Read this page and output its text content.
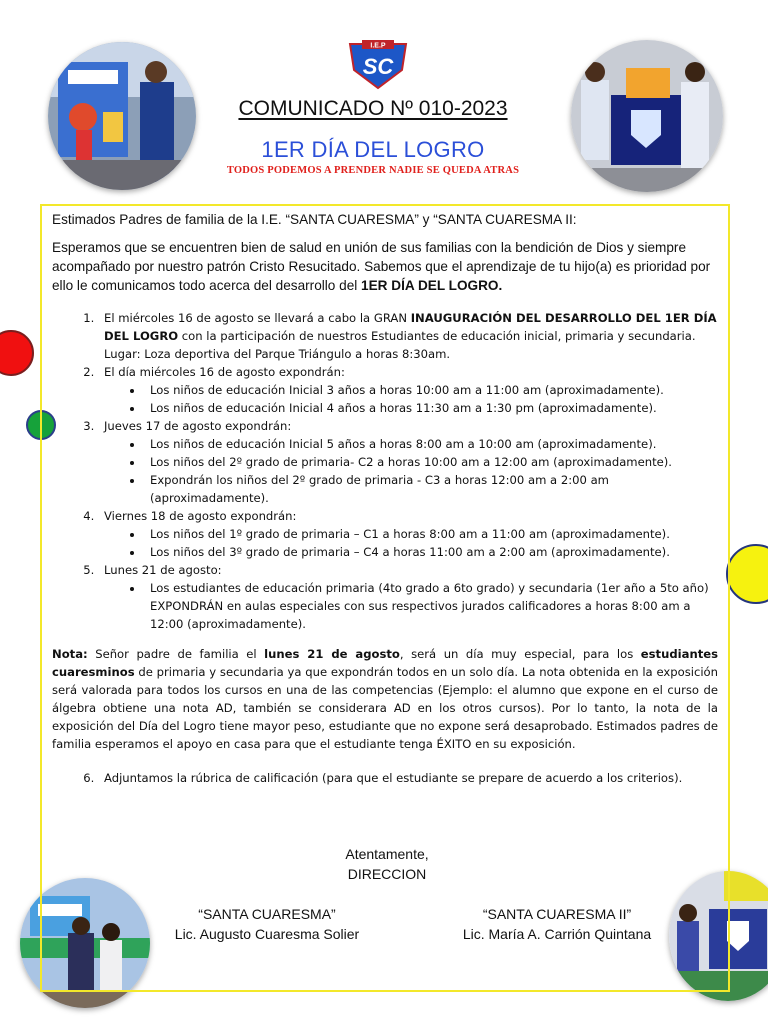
I.E.P
SC
COMUNICADO Nº 010-2023
1ER DÍA DEL LOGRO
TODOS PODEMOS A PRENDER NADIE SE QUEDA ATRAS

Estimados Padres de familia de la I.E. “SANTA CUARESMA” y “SANTA CUARESMA II:

Esperamos que se encuentren bien de salud en unión de sus familias con la bendición de Dios y siempre acompañado por nuestro patrón Cristo Resucitado. Sabemos que el aprendizaje de tu hijo(a) es prioridad por ello le comunicamos todo acerca del desarrollo del 1ER DÍA DEL LOGRO.

1. El miércoles 16 de agosto se llevará a cabo la GRAN INAUGURACIÓN DEL DESARROLLO DEL 1ER DÍA DEL LOGRO con la participación de nuestros Estudiantes de educación inicial, primaria y secundaria. Lugar: Loza deportiva del Parque Triángulo a horas 8:30am.
2. El día miércoles 16 de agosto expondrán:
• Los niños de educación Inicial 3 años a horas 10:00 am a 11:00 am (aproximadamente).
• Los niños de educación Inicial 4 años a horas 11:30 am a 1:30 pm (aproximadamente).
3. Jueves 17 de agosto expondrán:
• Los niños de educación Inicial 5 años a horas 8:00 am a 10:00 am (aproximadamente).
• Los niños del 2º grado de primaria- C2 a horas 10:00 am a 12:00 am (aproximadamente).
• Expondrán los niños del 2º grado de primaria - C3 a horas 12:00 am a 2:00 am (aproximadamente).
4. Viernes 18 de agosto expondrán:
• Los niños del 1º grado de primaria – C1 a horas 8:00 am a 11:00 am (aproximadamente).
• Los niños del 3º grado de primaria – C4 a horas 11:00 am a 2:00 am (aproximadamente).
5. Lunes 21 de agosto:
• Los estudiantes de educación primaria (4to grado a 6to grado) y secundaria (1er año a 5to año) EXPONDRÁN en aulas especiales con sus respectivos jurados calificadores a horas 8:00 am a 12:00 (aproximadamente).

Nota: Señor padre de familia el lunes 21 de agosto, será un día muy especial, para los estudiantes cuaresminos de primaria y secundaria ya que expondrán todos en un solo día. La nota obtenida en la exposición será valorada para todos los cursos en una de las competencias (Ejemplo: el alumno que expone en el curso de álgebra obtiene una nota AD, también se considerara AD en los otros cursos). Por lo tanto, la nota de la exposición del Día del Logro tiene mayor peso, estudiante que no expone será desaprobado. Estimados padres de familia esperamos el apoyo en casa para que el estudiante tenga ÉXITO en su exposición.

6. Adjuntamos la rúbrica de calificación (para que el estudiante se prepare de acuerdo a los criterios).

Atentamente,

DIRECCION

“SANTA CUARESMA”
Lic. Augusto Cuaresma Solier
“SANTA CUARESMA II”
Lic. María A. Carrión Quintana
